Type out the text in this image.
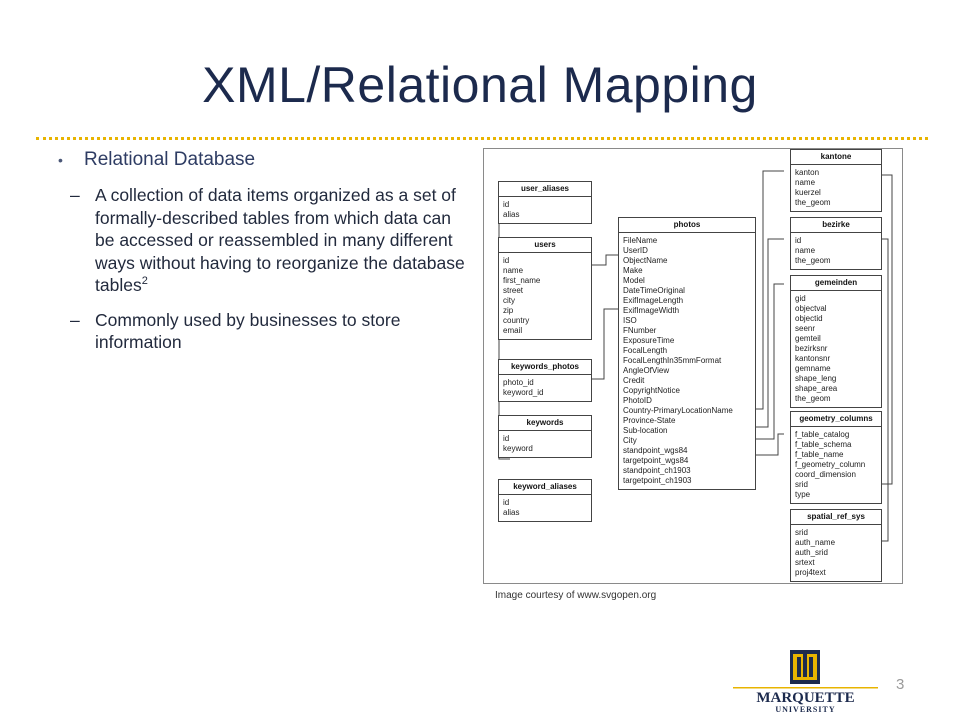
XML/Relational Mapping
• Relational Database
– A collection of data items organized as a set of formally-described tables from which data can be accessed or reassembled in many different ways without having to reorganize the database tables$^2$
– Commonly used by businesses to store information
user_aliases
id
alias
users
id
name
first_name
street
city
zip
country
email
keywords_photos
photo_id
keyword_id
keywords
id
keyword
keyword_aliases
id
alias
photos
FileName
UserID
ObjectName
Make
Model
DateTimeOriginal
ExifImageLength
ExifImageWidth
ISO
FNumber
ExposureTime
FocalLength
FocalLengthIn35mmFormat
AngleOfView
Credit
CopyrightNotice
PhotoID
Country-PrimaryLocationName
Province-State
Sub-location
City
standpoint_wgs84
targetpoint_wgs84
standpoint_ch1903
targetpoint_ch1903
kantone
kanton
name
kuerzel
the_geom
bezirke
id
name
the_geom
gemeinden
gid
objectval
objectid
seenr
gemteil
bezirksnr
kantonsnr
gemname
shape_leng
shape_area
the_geom
geometry_columns
f_table_catalog
f_table_schema
f_table_name
f_geometry_column
coord_dimension
srid
type
spatial_ref_sys
srid
auth_name
auth_srid
srtext
proj4text
Image courtesy of www.svgopen.org
MARQUETTE
UNIVERSITY
3
